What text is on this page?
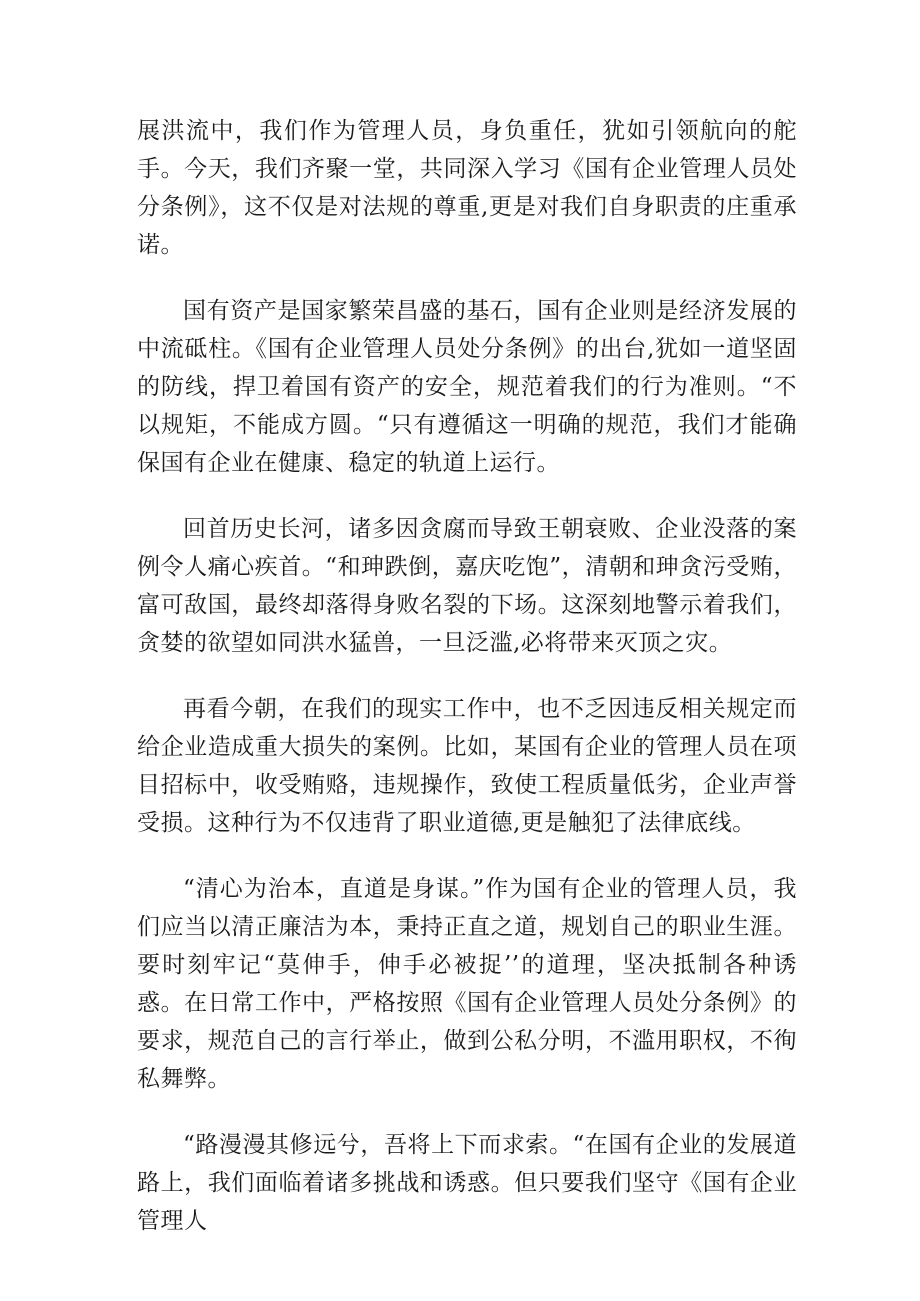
展洪流中，我们作为管理人员，身负重任，犹如引领航向的舵手。今天，我们齐聚一堂，共同深入学习《国有企业管理人员处分条例》，这不仅是对法规的尊重,更是对我们自身职责的庄重承诺。

国有资产是国家繁荣昌盛的基石，国有企业则是经济发展的中流砥柱。《国有企业管理人员处分条例》的出台,犹如一道坚固的防线，捍卫着国有资产的安全，规范着我们的行为准则。“不以规矩，不能成方圆。“只有遵循这一明确的规范，我们才能确保国有企业在健康、稳定的轨道上运行。

回首历史长河，诸多因贪腐而导致王朝衰败、企业没落的案例令人痛心疾首。“和珅跌倒，嘉庆吃饱”，清朝和珅贪污受贿，富可敌国，最终却落得身败名裂的下场。这深刻地警示着我们，贪婪的欲望如同洪水猛兽，一旦泛滥,必将带来灭顶之灾。

再看今朝，在我们的现实工作中，也不乏因违反相关规定而给企业造成重大损失的案例。比如，某国有企业的管理人员在项目招标中，收受贿赂，违规操作，致使工程质量低劣，企业声誉受损。这种行为不仅违背了职业道德,更是触犯了法律底线。

“清心为治本，直道是身谋。”作为国有企业的管理人员，我们应当以清正廉洁为本，秉持正直之道，规划自己的职业生涯。要时刻牢记“莫伸手，伸手必被捉’’的道理，坚决抵制各种诱惑。在日常工作中，严格按照《国有企业管理人员处分条例》的要求，规范自己的言行举止，做到公私分明，不滥用职权，不徇私舞弊。

“路漫漫其修远兮，吾将上下而求索。“在国有企业的发展道路上，我们面临着诸多挑战和诱惑。但只要我们坚守《国有企业管理人
